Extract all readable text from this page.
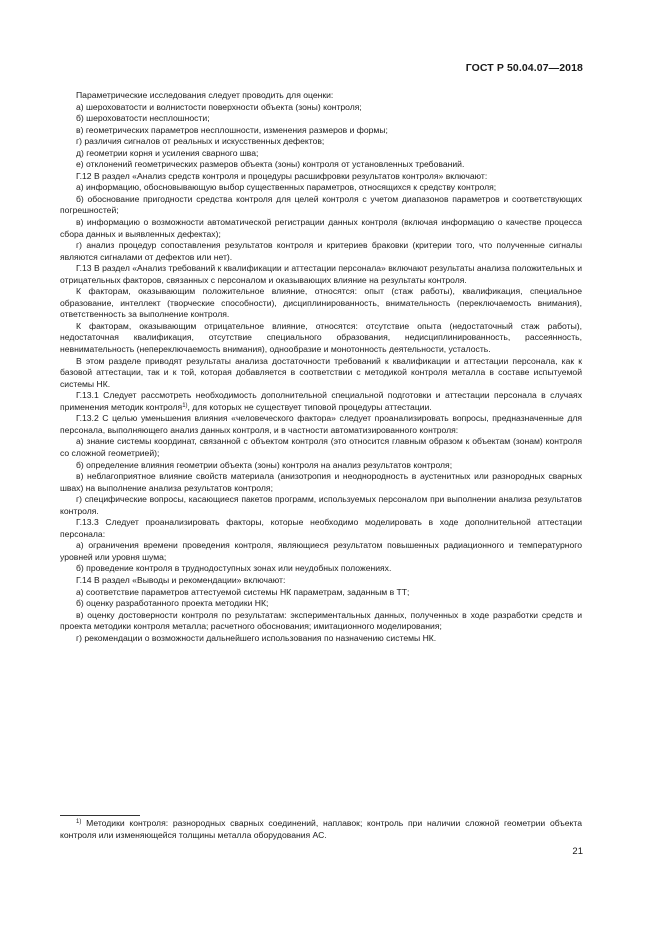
ГОСТ Р 50.04.07—2018

Параметрические исследования следует проводить для оценки:

а) шероховатости и волнистости поверхности объекта (зоны) контроля;

б) шероховатости несплошности;

в) геометрических параметров несплошности, изменения размеров и формы;

г) различия сигналов от реальных и искусственных дефектов;

д) геометрии корня и усиления сварного шва;

е) отклонений геометрических размеров объекта (зоны) контроля от установленных требований.

Г.12 В раздел «Анализ средств контроля и процедуры расшифровки результатов контроля» включают:

а) информацию, обосновывающую выбор существенных параметров, относящихся к средству контроля;

б) обоснование пригодности средства контроля для целей контроля с учетом диапазонов параметров и соответствующих погрешностей;

в) информацию о возможности автоматической регистрации данных контроля (включая информацию о качестве процесса сбора данных и выявленных дефектах);

г) анализ процедур сопоставления результатов контроля и критериев браковки (критерии того, что полученные сигналы являются сигналами от дефектов или нет).

Г.13 В раздел «Анализ требований к квалификации и аттестации персонала» включают результаты анализа положительных и отрицательных факторов, связанных с персоналом и оказывающих влияние на результаты контроля.

К факторам, оказывающим положительное влияние, относятся: опыт (стаж работы), квалификация, специальное образование, интеллект (творческие способности), дисциплинированность, внимательность (переключаемость внимания), ответственность за выполнение контроля.

К факторам, оказывающим отрицательное влияние, относятся: отсутствие опыта (недостаточный стаж работы), недостаточная квалификация, отсутствие специального образования, недисциплинированность, рассеянность, невнимательность (непереключаемость внимания), однообразие и монотонность деятельности, усталость.

В этом разделе приводят результаты анализа достаточности требований к квалификации и аттестации персонала, как к базовой аттестации, так и к той, которая добавляется в соответствии с методикой контроля металла в составе испытуемой системы НК.

Г.13.1 Следует рассмотреть необходимость дополнительной специальной подготовки и аттестации персонала в случаях применения методик контроля$^{1)}$, для которых не существует типовой процедуры аттестации.

Г.13.2 С целью уменьшения влияния «человеческого фактора» следует проанализировать вопросы, предназначенные для персонала, выполняющего анализ данных контроля, и в частности автоматизированного контроля:

а) знание системы координат, связанной с объектом контроля (это относится главным образом к объектам (зонам) контроля со сложной геометрией);

б) определение влияния геометрии объекта (зоны) контроля на анализ результатов контроля;

в) неблагоприятное влияние свойств материала (анизотропия и неоднородность в аустенитных или разнородных сварных швах) на выполнение анализа результатов контроля;

г) специфические вопросы, касающиеся пакетов программ, используемых персоналом при выполнении анализа результатов контроля.

Г.13.3 Следует проанализировать факторы, которые необходимо моделировать в ходе дополнительной аттестации персонала:

а) ограничения времени проведения контроля, являющиеся результатом повышенных радиационного и температурного уровней или уровня шума;

б) проведение контроля в труднодоступных зонах или неудобных положениях.

Г.14 В раздел «Выводы и рекомендации» включают:

а) соответствие параметров аттестуемой системы НК параметрам, заданным в ТТ;

б) оценку разработанного проекта методики НК;

в) оценку достоверности контроля по результатам: экспериментальных данных, полученных в ходе разработки средств и проекта методики контроля металла; расчетного обоснования; имитационного моделирования;

г) рекомендации о возможности дальнейшего использования по назначению системы НК.

$^{1)}$ Методики контроля: разнородных сварных соединений, наплавок; контроль при наличии сложной геометрии объекта контроля или изменяющейся толщины металла оборудования АС.

21
